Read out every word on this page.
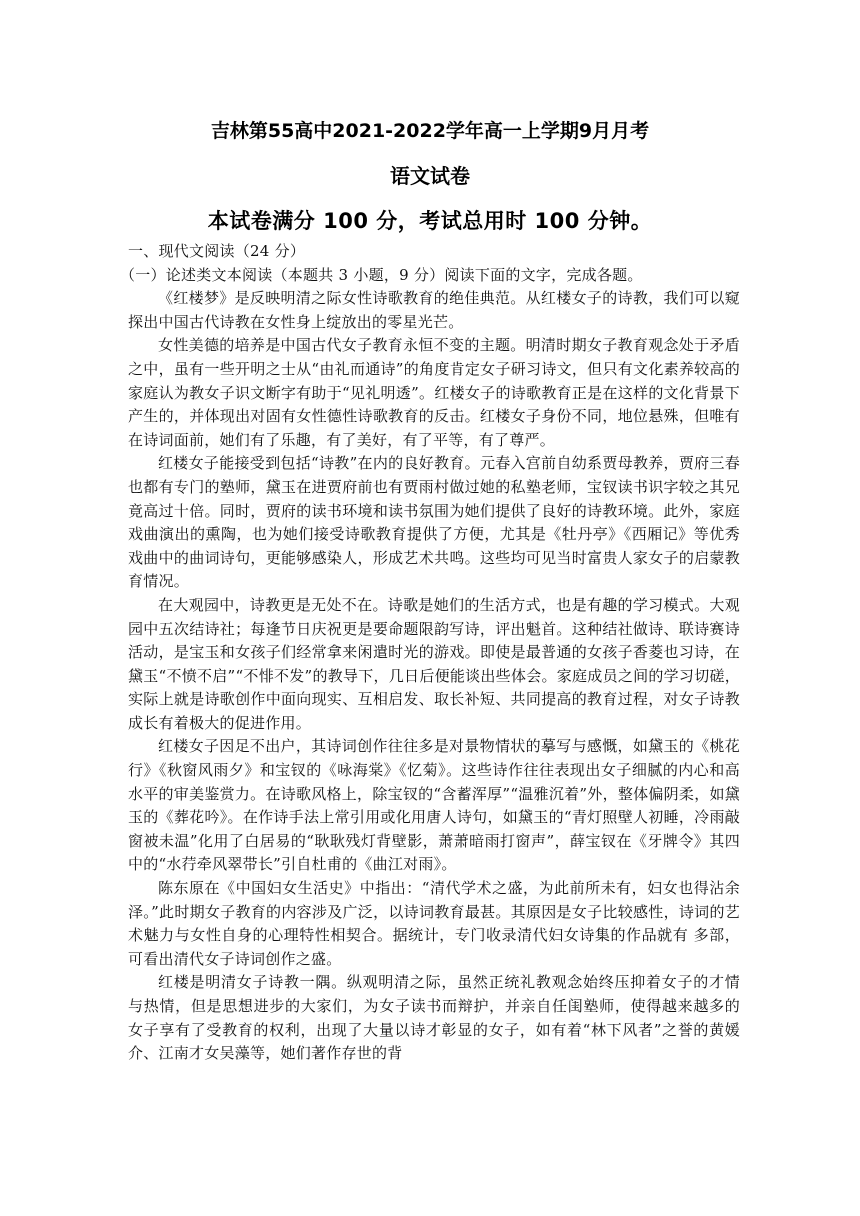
吉林第55高中2021-2022学年高一上学期9月月考
语文试卷
本试卷满分 100 分，考试总用时 100 分钟。

一、现代文阅读（24 分）

（一）论述类文本阅读（本题共 3 小题，9 分）阅读下面的文字，完成各题。

《红楼梦》是反映明清之际女性诗歌教育的绝佳典范。从红楼女子的诗教，我们可以窥探出中国古代诗教在女性身上绽放出的零星光芒。

女性美德的培养是中国古代女子教育永恒不变的主题。明清时期女子教育观念处于矛盾之中，虽有一些开明之士从“由礼而通诗”的角度肯定女子研习诗文，但只有文化素养较高的家庭认为教女子识文断字有助于“见礼明透”。红楼女子的诗歌教育正是在这样的文化背景下产生的，并体现出对固有女性德性诗歌教育的反击。红楼女子身份不同，地位悬殊，但唯有在诗词面前，她们有了乐趣，有了美好，有了平等，有了尊严。

红楼女子能接受到包括“诗教”在内的良好教育。元春入宫前自幼系贾母教养，贾府三春也都有专门的塾师，黛玉在进贾府前也有贾雨村做过她的私塾老师，宝钗读书识字较之其兄竟高过十倍。同时，贾府的读书环境和读书氛围为她们提供了良好的诗教环境。此外，家庭戏曲演出的熏陶，也为她们接受诗歌教育提供了方便，尤其是《牡丹亭》《西厢记》等优秀戏曲中的曲词诗句，更能够感染人，形成艺术共鸣。这些均可见当时富贵人家女子的启蒙教育情况。

在大观园中，诗教更是无处不在。诗歌是她们的生活方式，也是有趣的学习模式。大观园中五次结诗社；每逢节日庆祝更是要命题限韵写诗，评出魁首。这种结社做诗、联诗赛诗活动，是宝玉和女孩子们经常拿来闲遣时光的游戏。即使是最普通的女孩子香菱也习诗，在黛玉“不愤不启”“不悱不发”的教导下，几日后便能谈出些体会。家庭成员之间的学习切磋，实际上就是诗歌创作中面向现实、互相启发、取长补短、共同提高的教育过程，对女子诗教成长有着极大的促进作用。

红楼女子因足不出户，其诗词创作往往多是对景物情状的摹写与感慨，如黛玉的《桃花行》《秋窗风雨夕》和宝钗的《咏海棠》《忆菊》。这些诗作往往表现出女子细腻的内心和高水平的审美鉴赏力。在诗歌风格上，除宝钗的“含蓄浑厚”“温雅沉着”外，整体偏阴柔，如黛玉的《葬花吟》。在作诗手法上常引用或化用唐人诗句，如黛玉的“青灯照壁人初睡，冷雨敲窗被未温”化用了白居易的“耿耿残灯背壁影，萧萧暗雨打窗声”，薛宝钗在《牙牌令》其四中的“水荇牵风翠带长”引自杜甫的《曲江对雨》。

陈东原在《中国妇女生活史》中指出：“清代学术之盛，为此前所未有，妇女也得沾余泽。”此时期女子教育的内容涉及广泛，以诗词教育最甚。其原因是女子比较感性，诗词的艺术魅力与女性自身的心理特性相契合。据统计，专门收录清代妇女诗集的作品就有 多部，可看出清代女子诗词创作之盛。

红楼是明清女子诗教一隅。纵观明清之际，虽然正统礼教观念始终压抑着女子的才情 与热情，但是思想进步的大家们，为女子读书而辩护，并亲自任闺塾师，使得越来越多的 女子享有了受教育的权利，出现了大量以诗才彰显的女子，如有着“林下风者”之誉的黄媛介、江南才女吴藻等，她们著作存世的背
